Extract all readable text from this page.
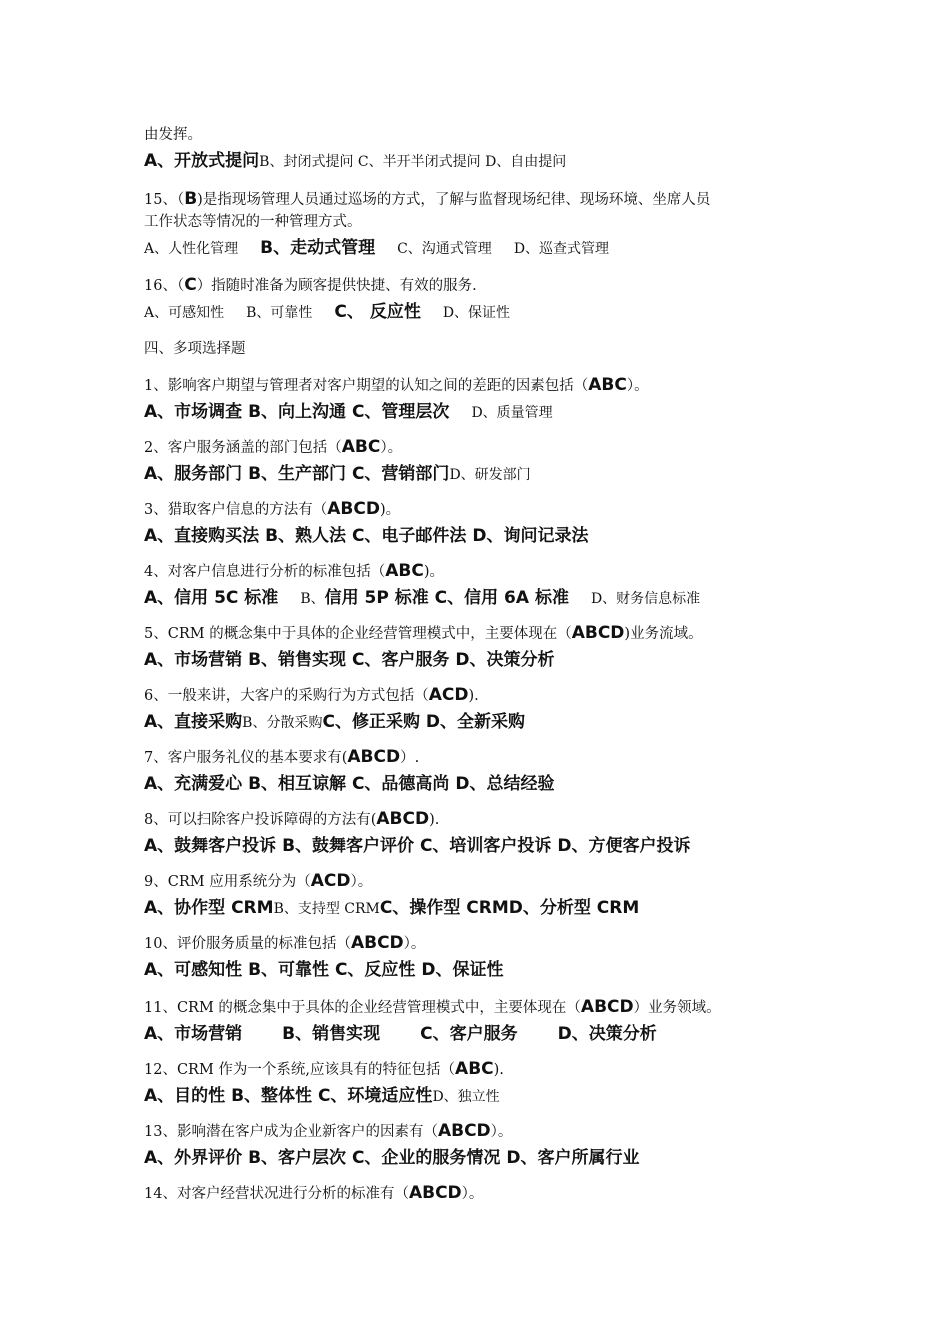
由发挥。
A、开放式提问B、封闭式提问 C、半开半闭式提问 D、自由提问
15、（B)是指现场管理人员通过巡场的方式，了解与监督现场纪律、现场环境、坐席人员
工作状态等情况的一种管理方式。
A、人性化管理 B、走动式管理 C、沟通式管理 D、巡查式管理
16、（C）指随时准备为顾客提供快捷、有效的服务.
A、可感知性 B、可靠性 C、 反应性 D、保证性
四、多项选择题
1、影响客户期望与管理者对客户期望的认知之间的差距的因素包括（ABC）。
A、市场调查 B、向上沟通 C、管理层次 D、质量管理
2、客户服务涵盖的部门包括（ABC）。
A、服务部门 B、生产部门 C、营销部门D、研发部门
3、猎取客户信息的方法有（ABCD)。
A、直接购买法 B、熟人法 C、电子邮件法 D、询问记录法
4、对客户信息进行分析的标准包括（ABC)。
A、信用 5C 标准 B、信用 5P 标准 C、信用 6A 标准 D、财务信息标准
5、CRM 的概念集中于具体的企业经营管理模式中，主要体现在（ABCD)业务流域。
A、市场营销 B、销售实现 C、客户服务 D、决策分析
6、一般来讲，大客户的采购行为方式包括（ACD).
A、直接采购B、分散采购C、修正采购 D、全新采购
7、客户服务礼仪的基本要求有(ABCD）.
A、充满爱心 B、相互谅解 C、品德高尚 D、总结经验
8、可以扫除客户投诉障碍的方法有(ABCD).
A、鼓舞客户投诉 B、鼓舞客户评价 C、培训客户投诉 D、方便客户投诉
9、CRM 应用系统分为（ACD）。
A、协作型 CRMB、支持型 CRMC、操作型 CRMD、分析型 CRM
10、评价服务质量的标准包括（ABCD）。
A、可感知性 B、可靠性 C、反应性 D、保证性
11、CRM 的概念集中于具体的企业经营管理模式中，主要体现在（ABCD）业务领域。
A、市场营销 B、销售实现 C、客户服务 D、决策分析
12、CRM 作为一个系统,应该具有的特征包括（ABC).
A、目的性 B、整体性 C、环境适应性D、独立性
13、影响潜在客户成为企业新客户的因素有（ABCD）。
A、外界评价 B、客户层次 C、企业的服务情况 D、客户所属行业
14、对客户经营状况进行分析的标准有（ABCD）。
